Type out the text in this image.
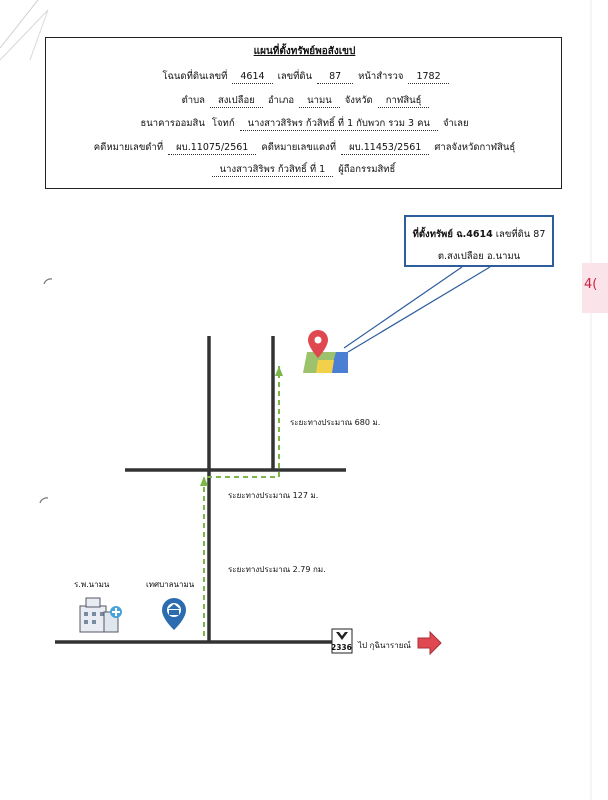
4(
แผนที่ตั้งทรัพย์พอสังเขป
โฉนดที่ดินเลขที่ 4614 เลขที่ดิน 87 หน้าสำรวจ 1782
ตำบล สงเปลือย อำเภอ นามน จังหวัด กาฬสินธุ์
ธนาคารออมสิน โจทก์ นางสาวสิริพร ก้วสิทธิ์ ที่ 1 กับพวก รวม 3 คน จำเลย
คดีหมายเลขดำที่ ผบ.11075/2561 คดีหมายเลขแดงที่ ผบ.11453/2561 ศาลจังหวัดกาฬสินธุ์
นางสาวสิริพร ก้วสิทธิ์ ที่ 1 ผู้ถือกรรมสิทธิ์
ที่ตั้งทรัพย์ ฉ.4614 เลขที่ดิน 87
ต.สงเปลือย อ.นามน
ระยะทางประมาณ 680 ม.
ระยะทางประมาณ 127 ม.
ระยะทางประมาณ 2.79 กม.
ร.พ.นามน	เทศบาลนามน
2336 ไป กุฉินารายณ์
